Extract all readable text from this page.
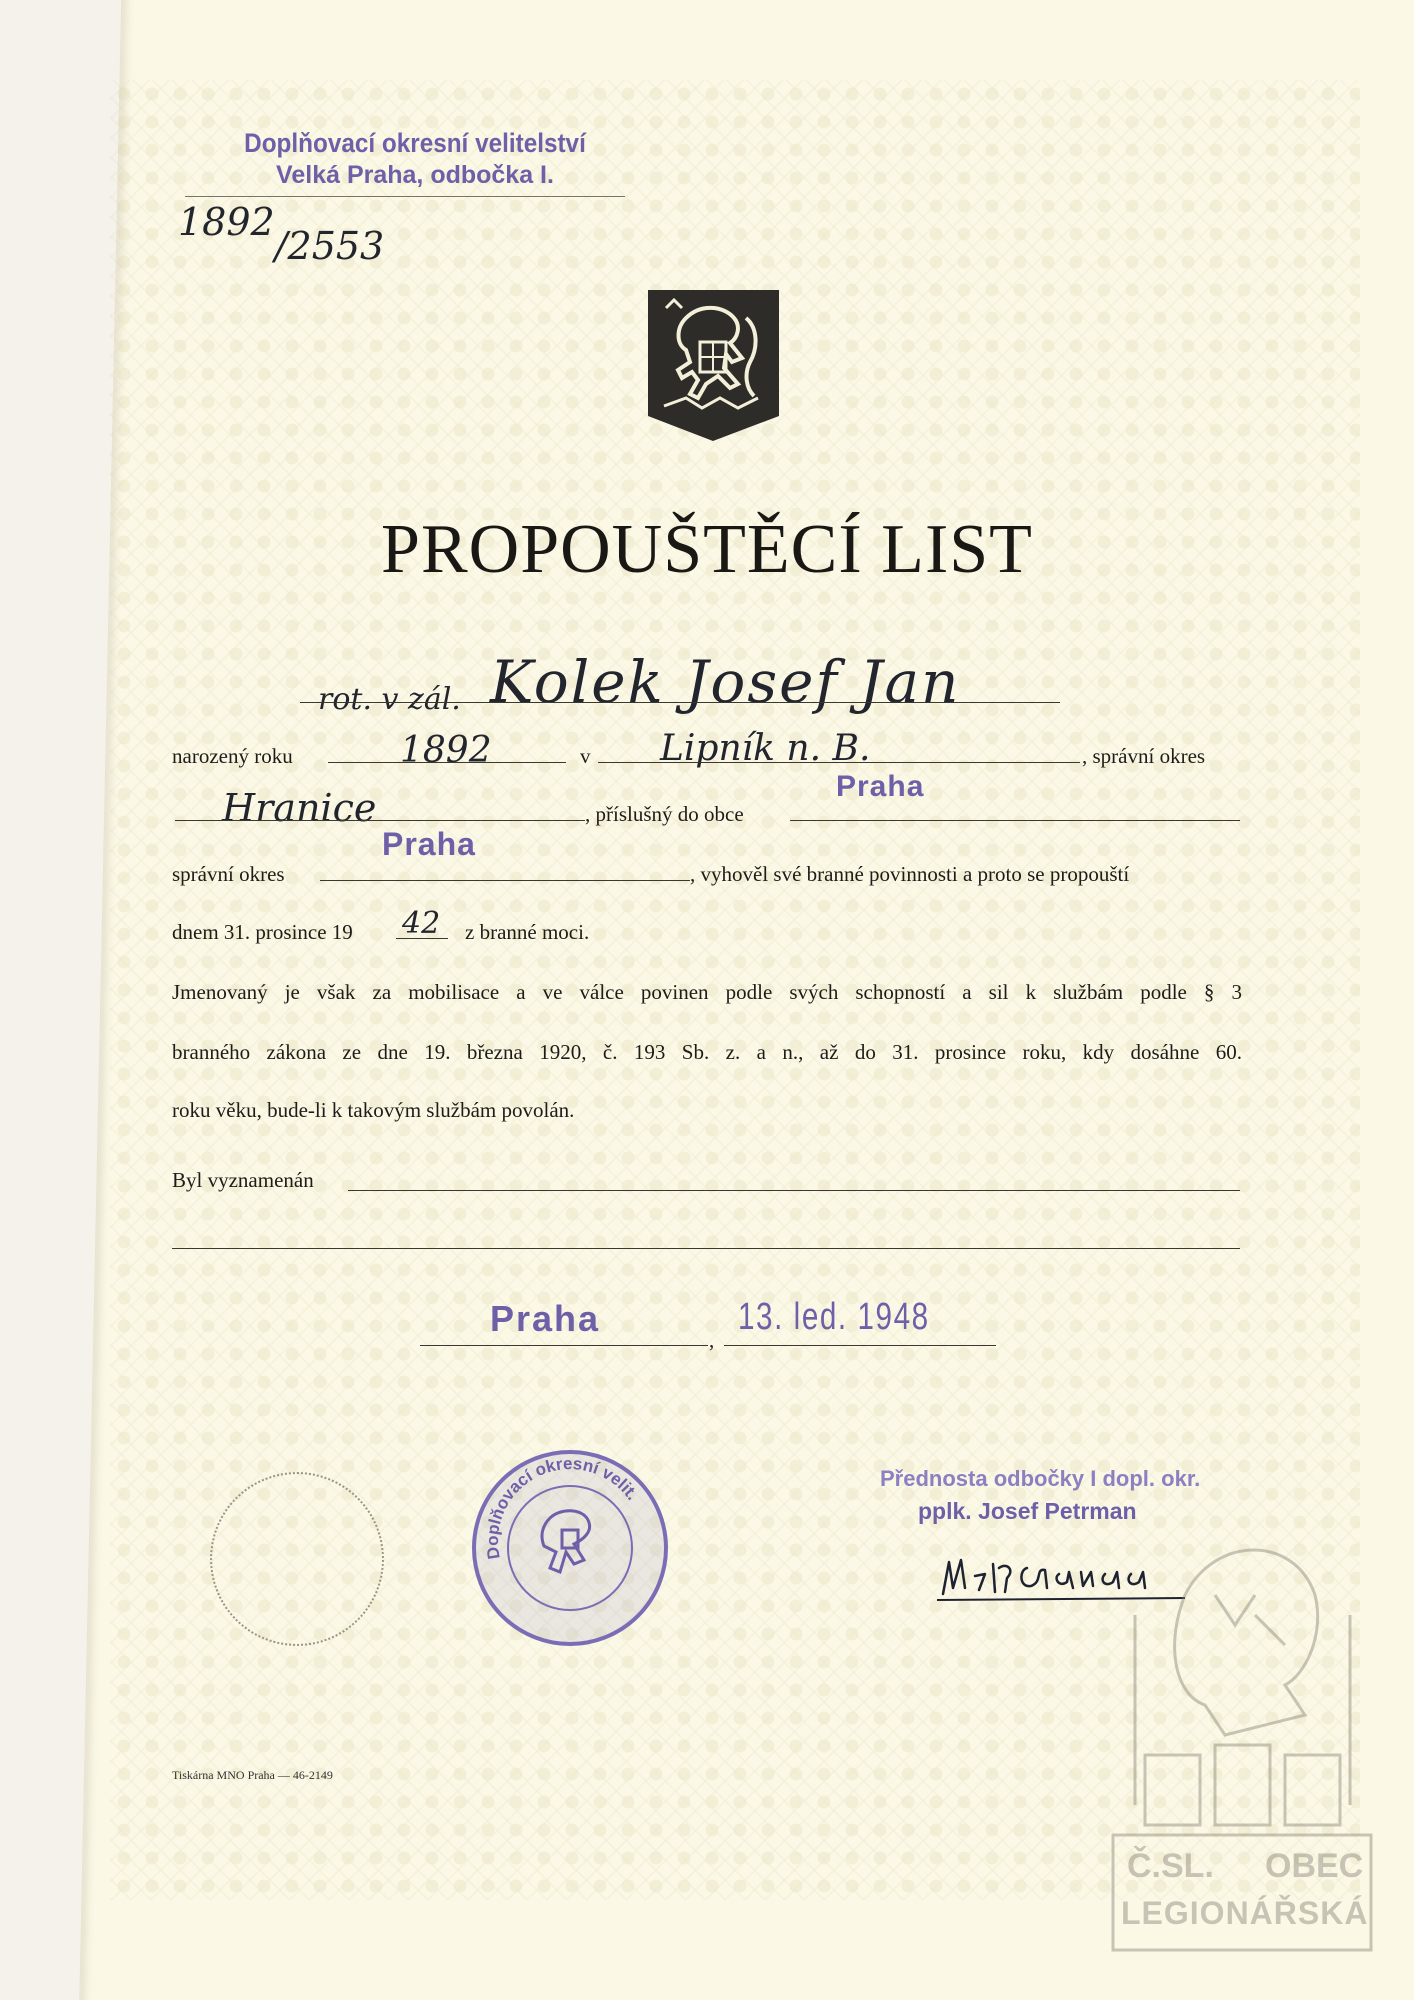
Doplňovací okresní velitelství
Velká Praha, odbočka I.
1892/2553
PROPOUŠTĚCÍ LIST
rot. v zál. Kolek Josef Jan
narozený roku	1892	v Lipník n. B.	, správní okres
Hranice	, příslušný do obce
Praha
správní okres
Praha
, vyhověl své branné povinnosti a proto se propouští
dnem 31. prosince 19 42 z branné moci.
Jmenovaný je však za mobilisace a ve válce povinen podle svých schopností a sil k službám podle § 3
branného zákona ze dne 19. března 1920, č. 193 Sb. z. a n., až do 31. prosince roku, kdy dosáhne 60.
roku věku, bude-li k takovým službám povolán.
Byl vyznamenán
Praha
,
13. led. 1948
Přednosta odbočky I dopl. okr.
pplk. Josef Petrman
Doplňovací okresní velit.
Tiskárna MNO Praha — 46-2149
Č.SL. OBEC
LEGIONÁŘSKÁ
